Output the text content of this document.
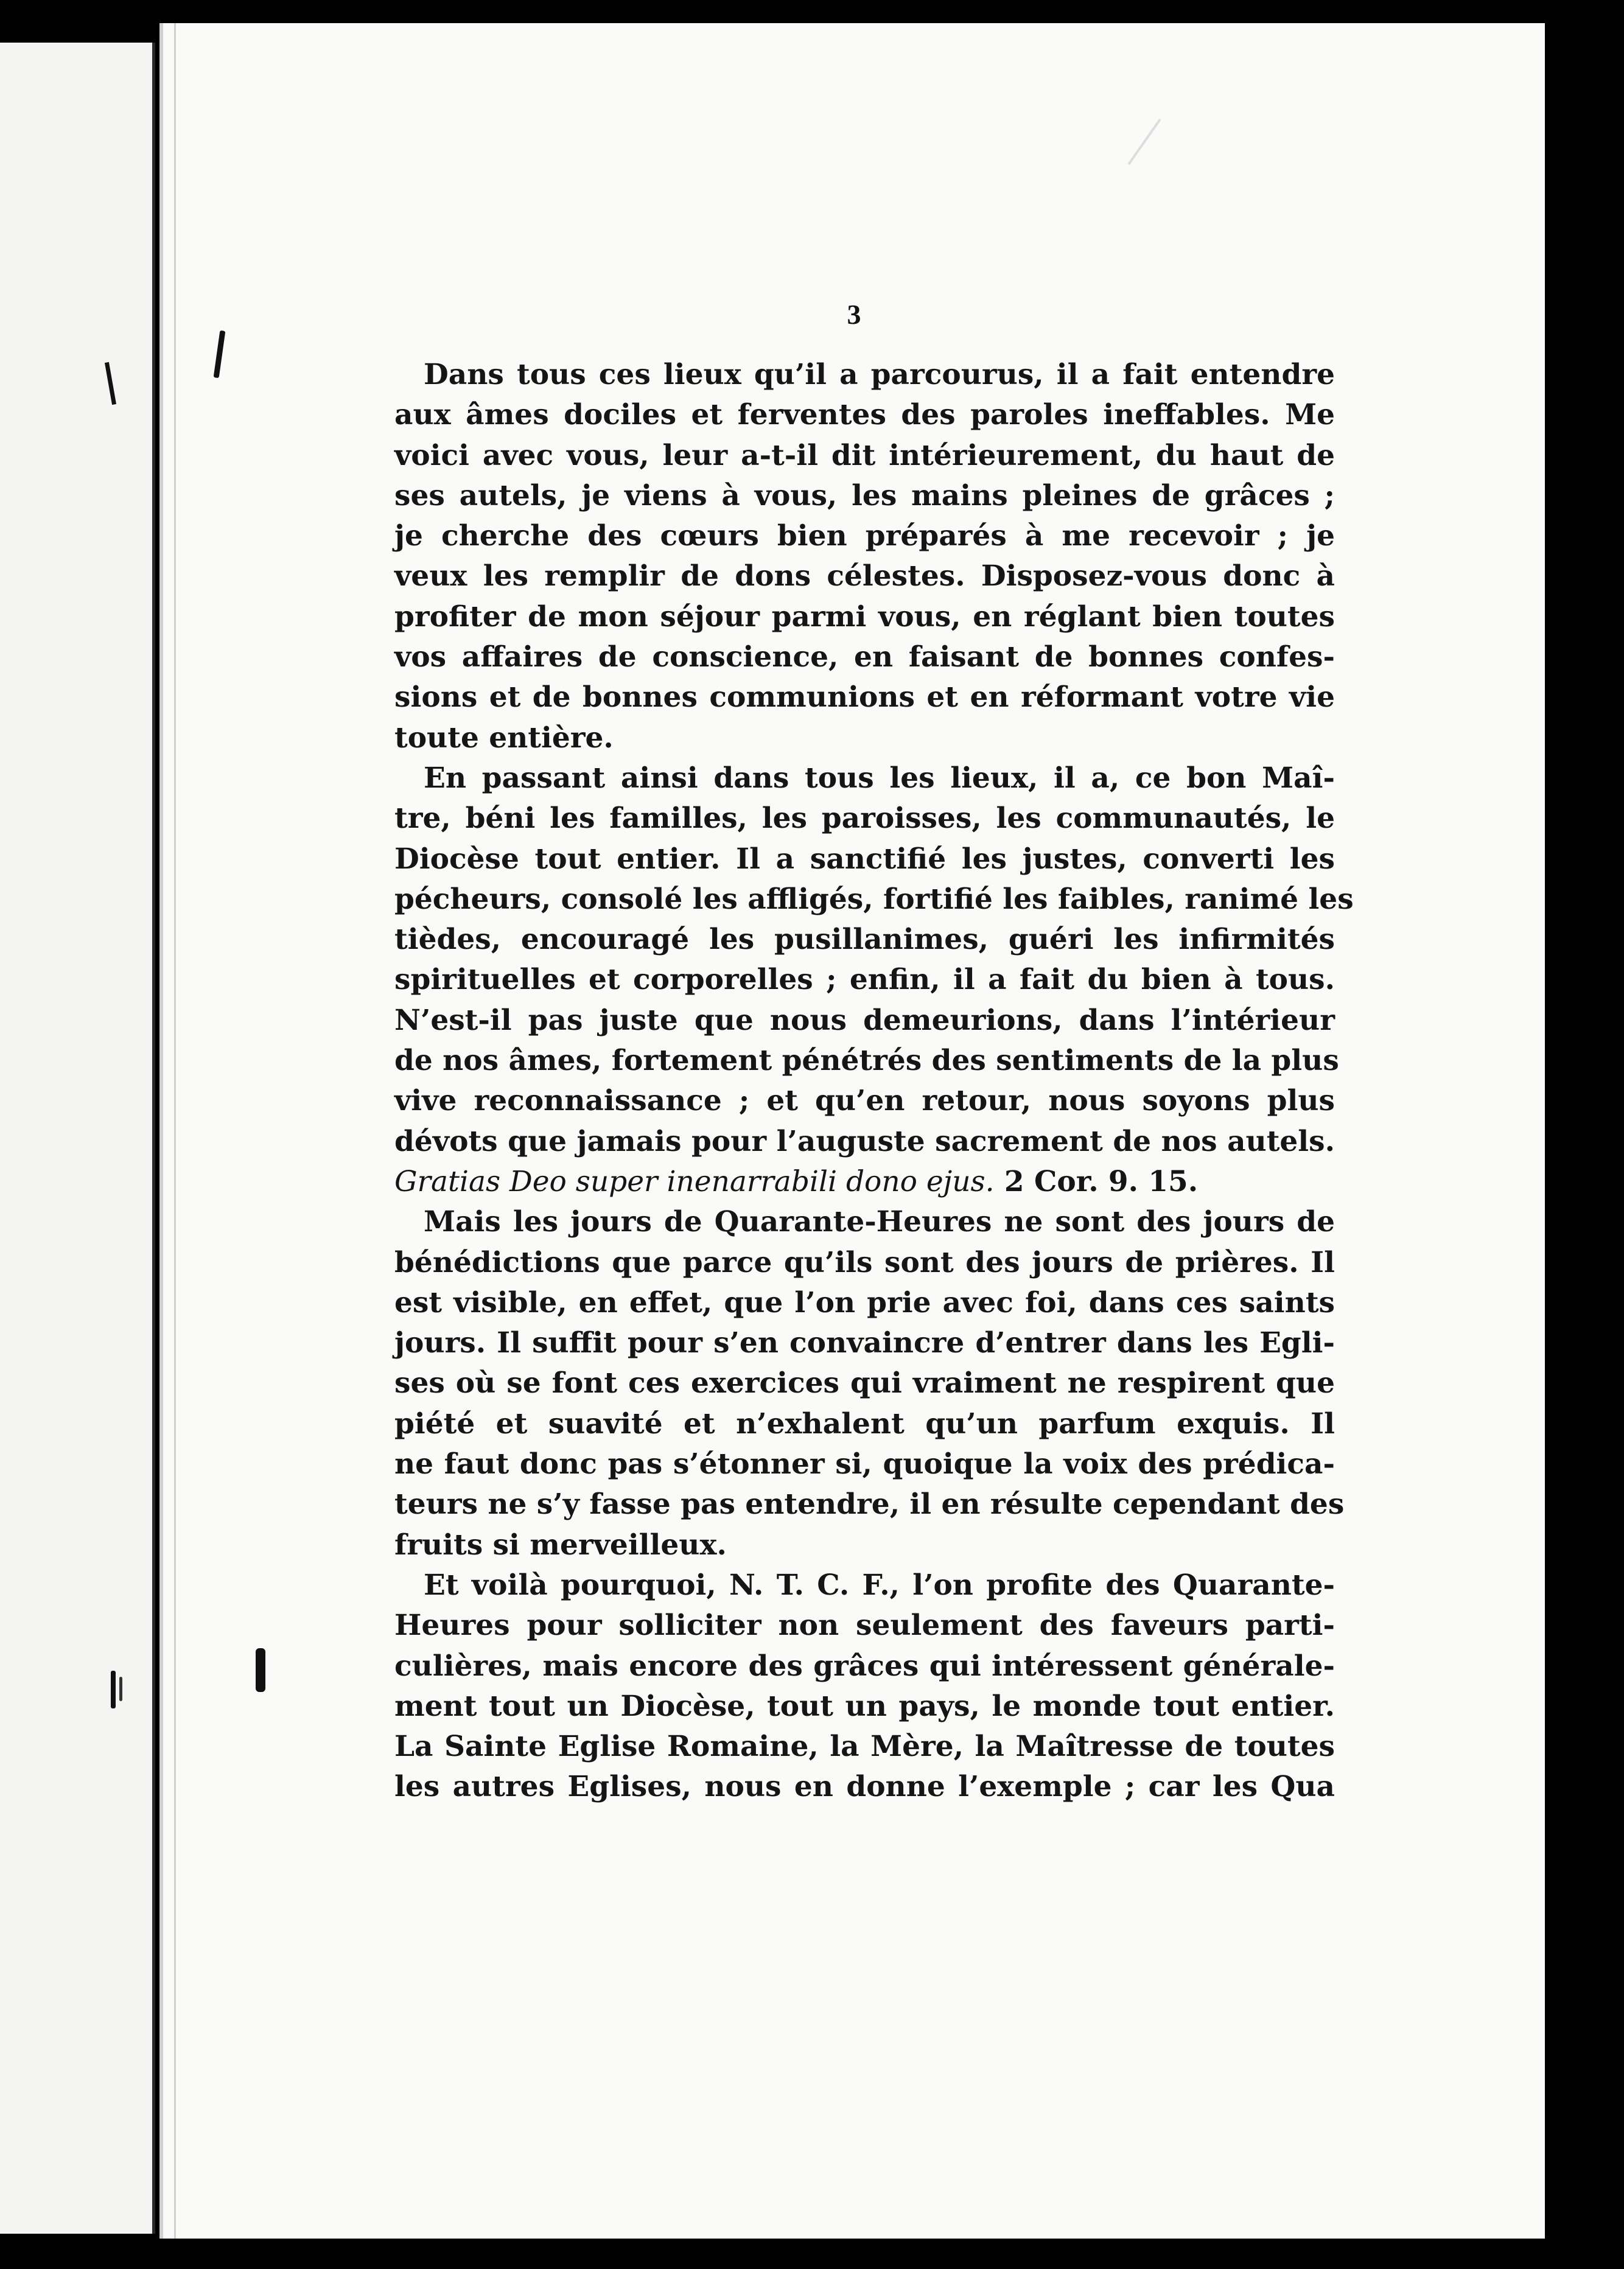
3
Dans tous ces lieux qu’il a parcourus, il a fait entendre
aux âmes dociles et ferventes des paroles ineffables. Me
voici avec vous, leur a-t-il dit intérieurement, du haut de
ses autels, je viens à vous, les mains pleines de grâces ;
je cherche des cœurs bien préparés à me recevoir ; je
veux les remplir de dons célestes. Disposez-vous donc à
profiter de mon séjour parmi vous, en réglant bien toutes
vos affaires de conscience, en faisant de bonnes confes-
sions et de bonnes communions et en réformant votre vie
toute entière.
En passant ainsi dans tous les lieux, il a, ce bon Maî-
tre, béni les familles, les paroisses, les communautés, le
Diocèse tout entier. Il a sanctifié les justes, converti les
pécheurs, consolé les affligés, fortifié les faibles, ranimé les
tièdes, encouragé les pusillanimes, guéri les infirmités
spirituelles et corporelles ; enfin, il a fait du bien à tous.
N’est-il pas juste que nous demeurions, dans l’intérieur
de nos âmes, fortement pénétrés des sentiments de la plus
vive reconnaissance ; et qu’en retour, nous soyons plus
dévots que jamais pour l’auguste sacrement de nos autels.
Gratias Deo super inenarrabili dono ejus. 2 Cor. 9. 15.
Mais les jours de Quarante-Heures ne sont des jours de
bénédictions que parce qu’ils sont des jours de prières. Il
est visible, en effet, que l’on prie avec foi, dans ces saints
jours. Il suffit pour s’en convaincre d’entrer dans les Egli-
ses où se font ces exercices qui vraiment ne respirent que
piété et suavité et n’exhalent qu’un parfum exquis. Il
ne faut donc pas s’étonner si, quoique la voix des prédica-
teurs ne s’y fasse pas entendre, il en résulte cependant des
fruits si merveilleux.
Et voilà pourquoi, N. T. C. F., l’on profite des Quarante-
Heures pour solliciter non seulement des faveurs parti-
culières, mais encore des grâces qui intéressent générale-
ment tout un Diocèse, tout un pays, le monde tout entier.
La Sainte Eglise Romaine, la Mère, la Maîtresse de toutes
les autres Eglises, nous en donne l’exemple ; car les Qua
